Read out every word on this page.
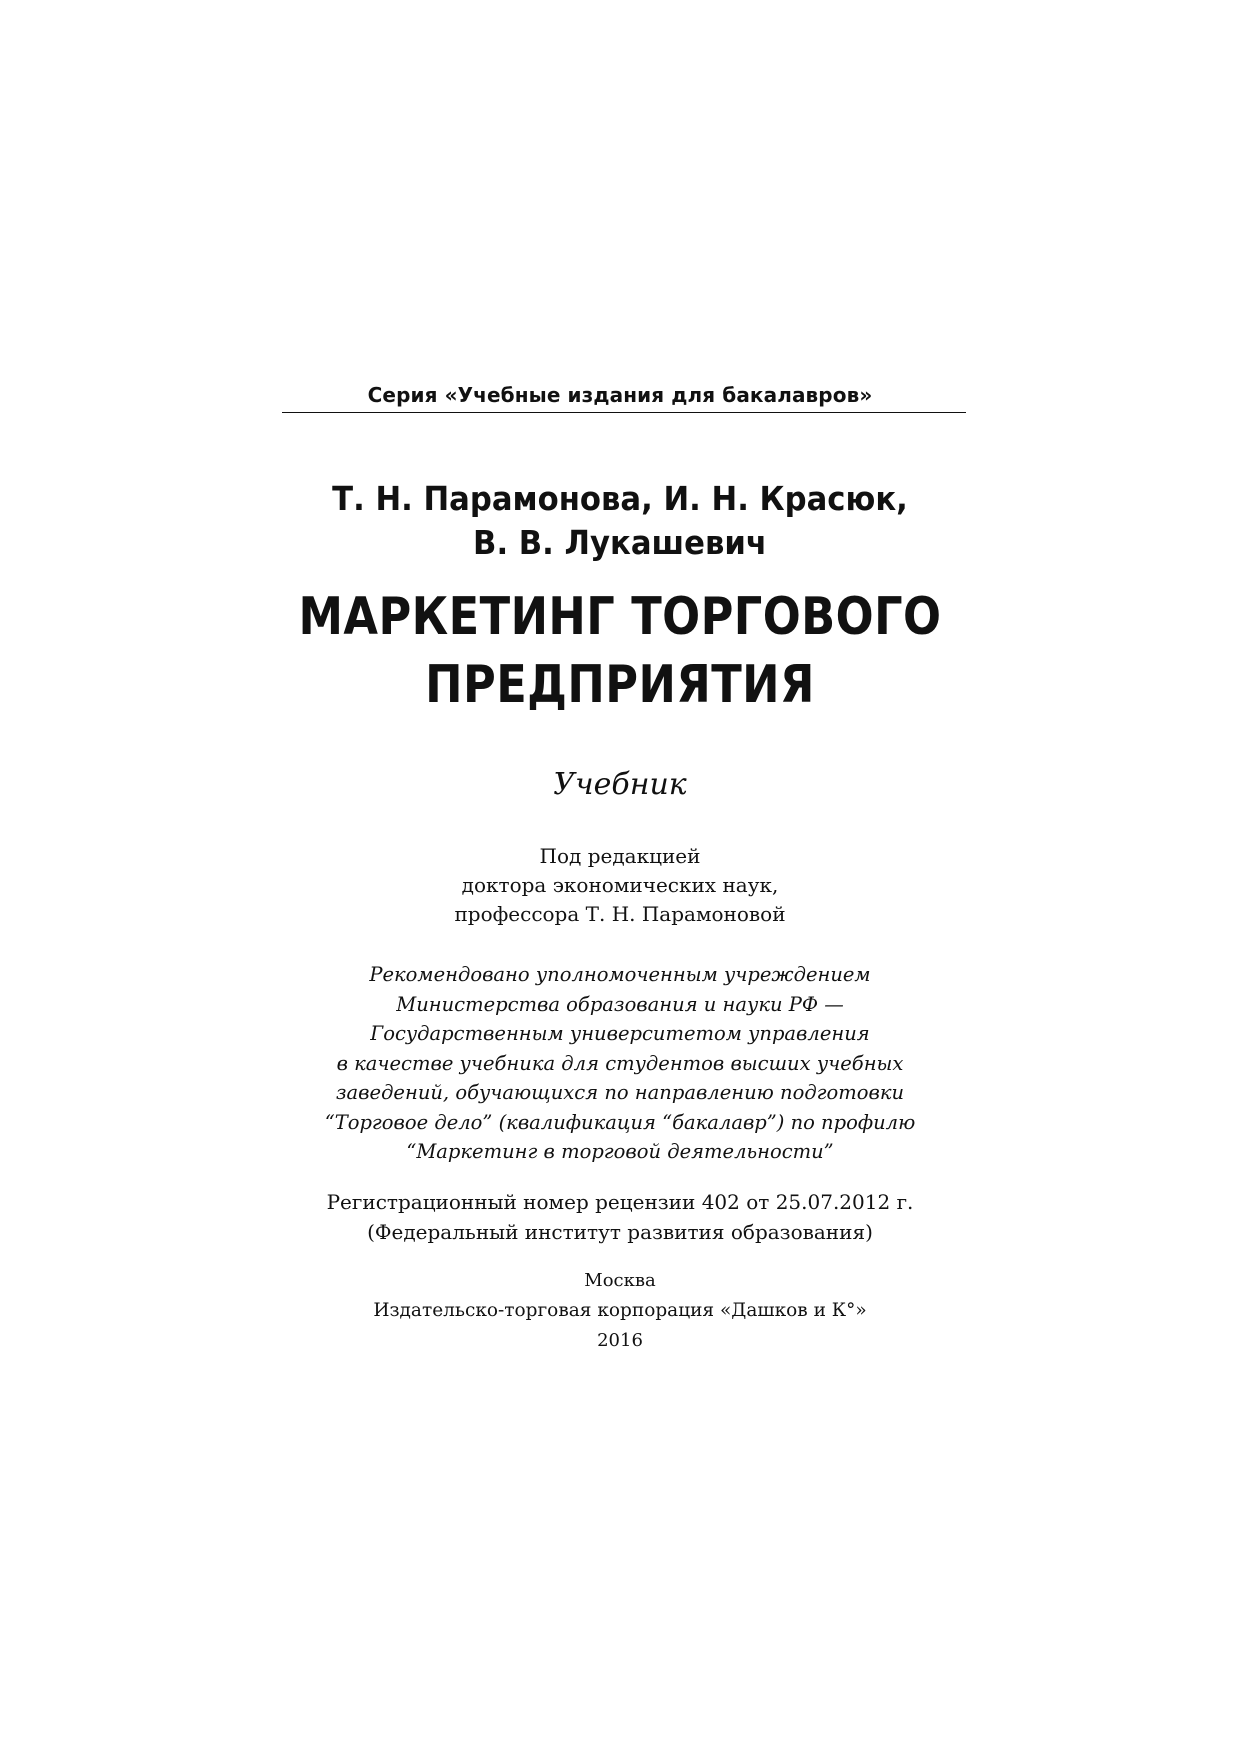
Серия «Учебные издания для бакалавров»
Т. Н. Парамонова, И. Н. Красюк,
В. В. Лукашевич
МАРКЕТИНГ ТОРГОВОГО
ПРЕДПРИЯТИЯ
Учебник
Под редакцией
доктора экономических наук,
профессора Т. Н. Парамоновой
Рекомендовано уполномоченным учреждением
Министерства образования и науки РФ —
Государственным университетом управления
в качестве учебника для студентов высших учебных
заведений, обучающихся по направлению подготовки
“Торговое дело” (квалификация “бакалавр”) по профилю
“Маркетинг в торговой деятельности”
Регистрационный номер рецензии 402 от 25.07.2012 г.
(Федеральный институт развития образования)
Москва
Издательско-торговая корпорация «Дашков и К°»
2016
